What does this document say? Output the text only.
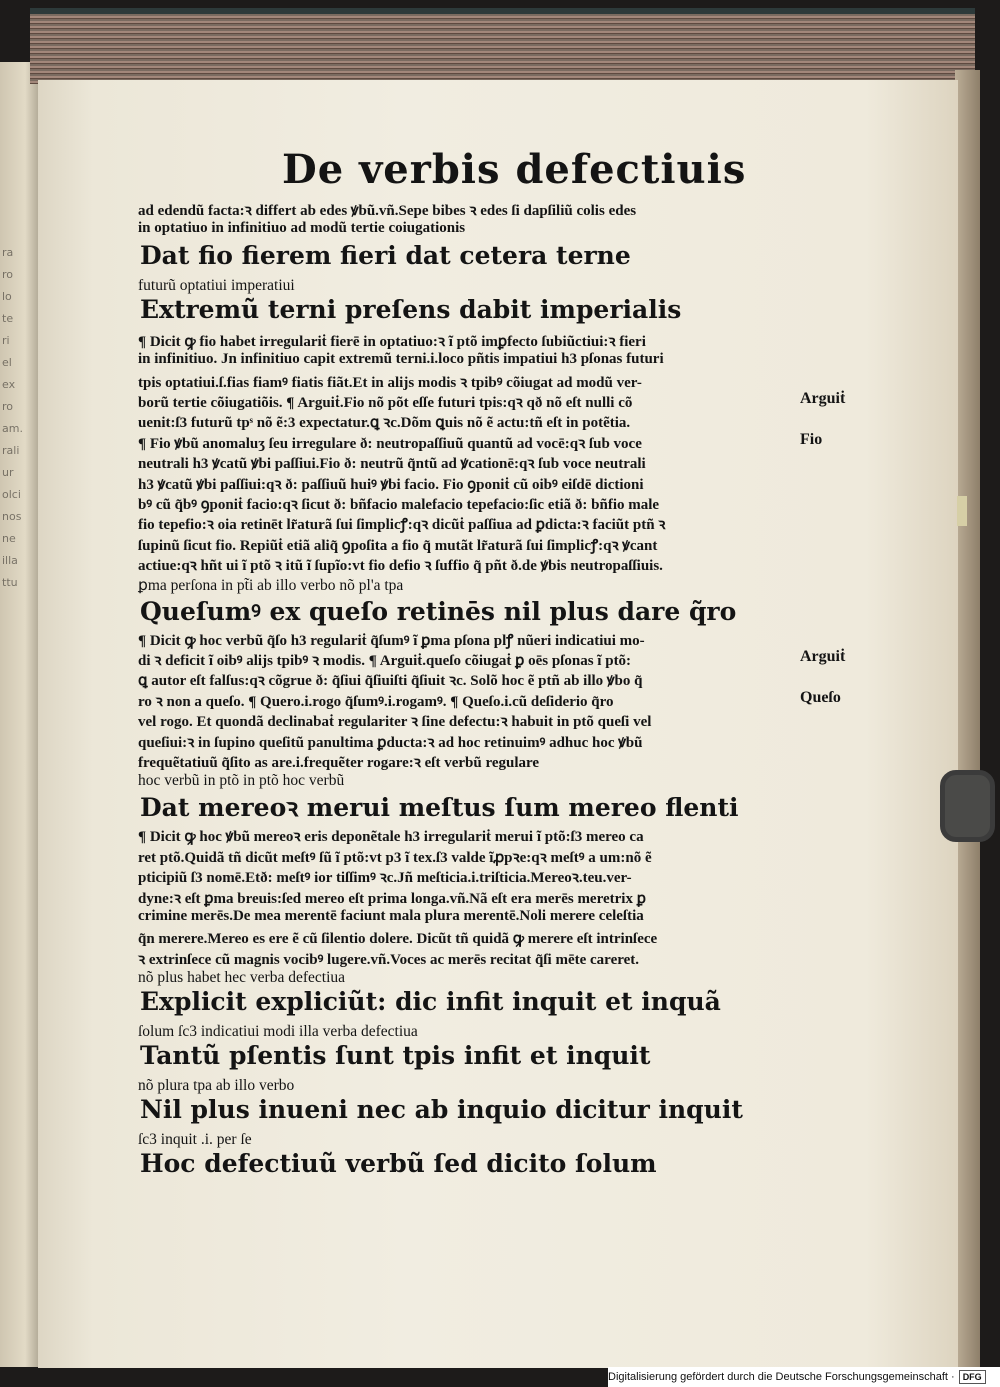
ra
ro
lo
te
ri
el
ex
ro
am.
rali
ur
olci
nos
ne
illa
ttu
De verbis defectiuis
ad edendũ facta:ꝛ differt ab edes ꝟbũ.vñ.Sepe bibes ꝛ edes ſi dapſiliũ colis edes
in optatiuo in infinitiuo ad modũ tertie coiugationis
Dat fio fierem fieri dat cetera terne
futurũ optatiui imperatiui
Extremũ terni preſens dabit imperialis
¶ Dicit ꝙ fio habet irregulariṫ fierē in optatiuo:ꝛ ĩ ptõ imꝑfecto ſubiũctiui:ꝛ fieri
in infinitiuo. Jn infinitiuo capit extremũ terni.i.loco pñtis impatiui h3 pſonas futuri
tpis optatiui.ſ.fias fiamꝰ fiatis fiãt.Et in alijs modis ꝛ tpibꝰ cõiugat ad modũ ver-
borũ tertie cõiugatiõis. ¶ Arguiṫ.Fio nõ põt eſſe futuri tpis:qꝛ qð nõ eſt nulli cõ
uenit:ſ3 futurũ tpˢ nõ ẽ:3 expectatur.ꝗ ꝛc.Dõm ꝗuis nõ ẽ actu:tñ eſt in potẽtia.
¶ Fio ꝟbũ anomaluʒ ſeu irregulare ð: neutropaſſiuũ quantũ ad vocē:qꝛ ſub voce
neutrali h3 ꝟcatũ ꝟbi paſſiui.Fio ð: neutrũ q̃ntũ ad ꝟcationē:qꝛ ſub voce neutrali
h3 ꝟcatũ ꝟbi paſſiui:qꝛ ð: paſſiuũ huiꝰ ꝟbi facio. Fio ꝯponiṫ cũ oibꝰ eiſdē dictioni
bꝰ cũ q̃bꝰ ꝯponiṫ facio:qꝛ ſicut ð: bñfacio malefacio tepefacio:ſic etiã ð: bñfio male
fio tepefio:ꝛ oia retinēt lr̃aturã ſui ſimplicꝭ:qꝛ dicũṫ paſſiua ad ꝑdicta:ꝛ faciũt ptñ ꝛ
ſupinũ ſicut fio. Repiũṫ etiã aliq̃ ꝯpoſita a fio q̃ mutãt lr̃aturã ſui ſimplicꝭ:qꝛ ꝟcant
actiue:qꝛ hñt ui ĩ ptõ ꝛ itũ ĩ ſupĩo:vt fio defio ꝛ ſuffio q̃ pñt ð.de ꝟbis neutropaſſiuis.
ꝑma perſona in pt̃i ab illo verbo nõ pl'a tpa
Queſumꝰ ex queſo retinēs nil plus dare q̃ro
¶ Dicit ꝙ hoc verbũ q̃ſo h3 regulariṫ q̃ſumꝰ ĩ ꝑma pſona plꝭ nũeri indicatiui mo-
di ꝛ deficit ĩ oibꝰ alijs tpibꝰ ꝛ modis. ¶ Arguiṫ.queſo cõiugaṫ ꝑ oēs pſonas ĩ ptõ:
ꝗ autor eſt falſus:qꝛ cõgrue ð: q̃ſiui q̃ſiuiſti q̃ſiuit ꝛc. Solõ hoc ẽ ptñ ab illo ꝟbo q̃
ro ꝛ non a queſo. ¶ Quero.i.rogo q̃ſumꝰ.i.rogamꝰ. ¶ Queſo.i.cũ deſiderio q̃ro
vel rogo. Et quondã declinabaṫ regulariter ꝛ ſine defectu:ꝛ habuit in ptõ queſi vel
queſiui:ꝛ in ſupino queſitũ panultima ꝑducta:ꝛ ad hoc retinuimꝰ adhuc hoc ꝟbũ
frequẽtatiuũ q̃ſito as are.i.frequẽter rogare:ꝛ eſt verbũ regulare
hoc verbũ in ptõ in ptõ hoc verbũ
Dat mereoꝛ merui meſtus ſum mereo flenti
¶ Dicit ꝙ hoc ꝟbũ mereoꝛ eris deponẽtale h3 irregulariṫ merui ĩ ptõ:ſ3 mereo ca
ret ptõ.Quidã tñ dicũt meſtꝰ ſũ ĩ ptõ:vt p3 ĩ tex.ſ3 valde ĩꝓpꝛe:qꝛ meſtꝰ a um:nõ ẽ
pticipiũ ſ3 nomē.Etð: meſtꝰ ior tiſſimꝰ ꝛc.Jñ meſticia.i.triſticia.Mereoꝛ.teu.ver-
dyne:ꝛ eſt ꝑma breuis:ſed mereo eſt prima longa.vñ.Nã eſt era merēs meretrix ꝑ
crimine merēs.De mea merentē faciunt mala plura merentē.Noli merere celeſtia
q̃n merere.Mereo es ere ẽ cũ ſilentio dolere. Dicũt tñ quidã ꝙ merere eſt intrinſece
ꝛ extrinſece cũ magnis vocibꝰ lugere.vñ.Voces ac merēs recitat q̃ſi mēte careret.
nõ plus habet hec verba defectiua
Explicit expliciũt: dic infit inquit et inquã
ſolum ſc3 indicatiui modi illa verba defectiua
Tantũ pſentis ſunt tpis infit et inquit
nõ plura tpa ab illo verbo
Nil plus inueni nec ab inquio dicitur inquit
ſc3 inquit .i. per ſe
Hoc defectiuũ verbũ ſed dicito ſolum
Arguiṫ
Fio
Arguiṫ
Queſo
Digitalisierung gefördert durch die Deutsche Forschungsgemeinschaft · DFG
